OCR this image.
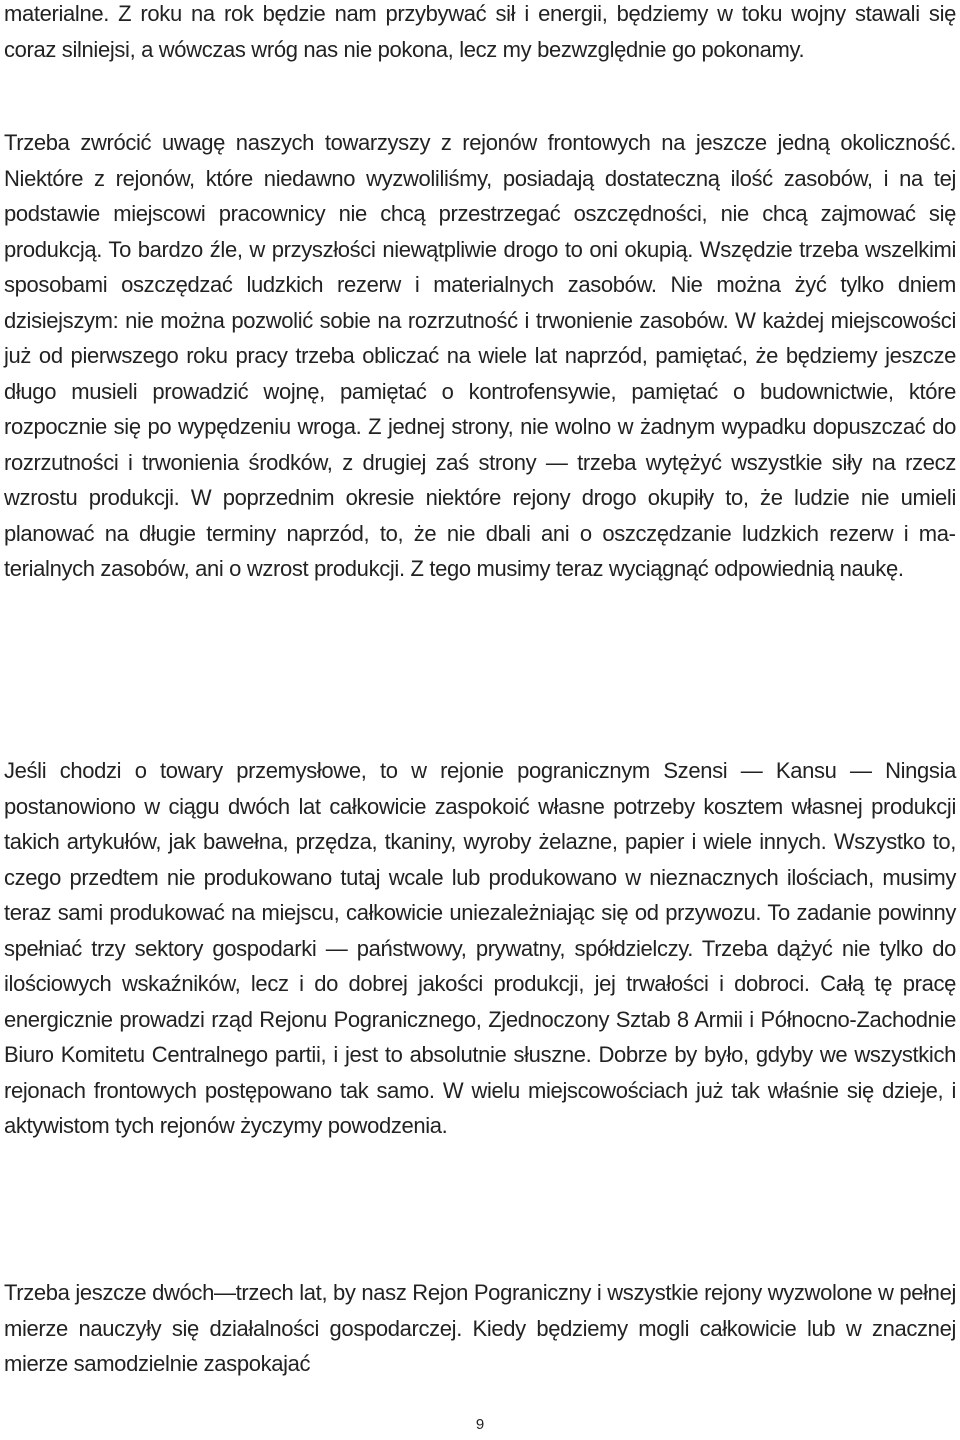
materialne. Z roku na rok będzie nam przybywać sił i energii, będziemy w toku wojny stawali się coraz silniejsi, a wówczas wróg nas nie pokona, lecz my bezwzględnie go pokonamy.

Trzeba zwrócić uwagę naszych towarzyszy z rejonów frontowych na jeszcze jedną okoliczność. Niektóre z rejonów, które niedawno wyzwoliliśmy, posiadają dostateczną ilość zasobów, i na tej podstawie miejscowi pracownicy nie chcą przestrzegać oszczędności, nie chcą zajmować się produkcją. To bardzo źle, w przyszłości niewątpliwie drogo to oni okupią. Wszędzie trzeba wszelkimi sposobami oszczędzać ludzkich rezerw i materialnych zasobów. Nie można żyć tylko dniem dzisiejszym: nie można pozwolić sobie na rozrzutność i trwonienie zasobów. W każdej miejscowości już od pierwszego roku pracy trzeba obliczać na wiele lat naprzód, pamiętać, że będziemy jeszcze długo musieli prowadzić wojnę, pamiętać o kontrofensywie, pamiętać o budownictwie, które rozpocznie się po wypędzeniu wroga. Z jednej strony, nie wolno w żadnym wypadku dopuszczać do rozrzutności i trwonienia środków, z drugiej zaś strony — trzeba wytężyć wszystkie siły na rzecz wzrostu produkcji. W poprzednim okresie niektóre rejony drogo okupiły to, że ludzie nie umieli planować na długie terminy naprzód, to, że nie dbali ani o oszczędzanie ludzkich rezerw i materialnych zasobów, ani o wzrost produkcji. Z tego musimy teraz wyciągnąć odpowiednią naukę.

Jeśli chodzi o towary przemysłowe, to w rejonie pogranicznym Szensi — Kansu — Ningsia postanowiono w ciągu dwóch lat całkowicie zaspokoić własne potrzeby kosztem własnej produkcji takich artykułów, jak bawełna, przędza, tkaniny, wyroby żelazne, papier i wiele innych. Wszystko to, czego przedtem nie produkowano tutaj wcale lub produkowano w nieznacznych ilościach, musimy teraz sami produkować na miejscu, całkowicie uniezależniając się od przywozu. To zadanie powinny spełniać trzy sektory gospodarki — państwowy, prywatny, spółdzielczy. Trzeba dążyć nie tylko do ilościowych wskaźników, lecz i do dobrej jakości produkcji, jej trwałości i dobroci. Całą tę pracę energicznie prowadzi rząd Rejonu Pogranicznego, Zjednoczony Sztab 8 Armii i Północno-Zachodnie Biuro Komitetu Centralnego partii, i jest to absolutnie słuszne. Dobrze by było, gdyby we wszystkich rejonach frontowych postępowano tak samo. W wielu miejscowościach już tak właśnie się dzieje, i aktywistom tych rejonów życzymy powodzenia.

Trzeba jeszcze dwóch—trzech lat, by nasz Rejon Pograniczny i wszystkie rejony wyzwolone w pełnej mierze nauczyły się działalności gospodarczej. Kiedy będziemy mogli całkowicie lub w znacznej mierze samodzielnie zaspokajać

9
